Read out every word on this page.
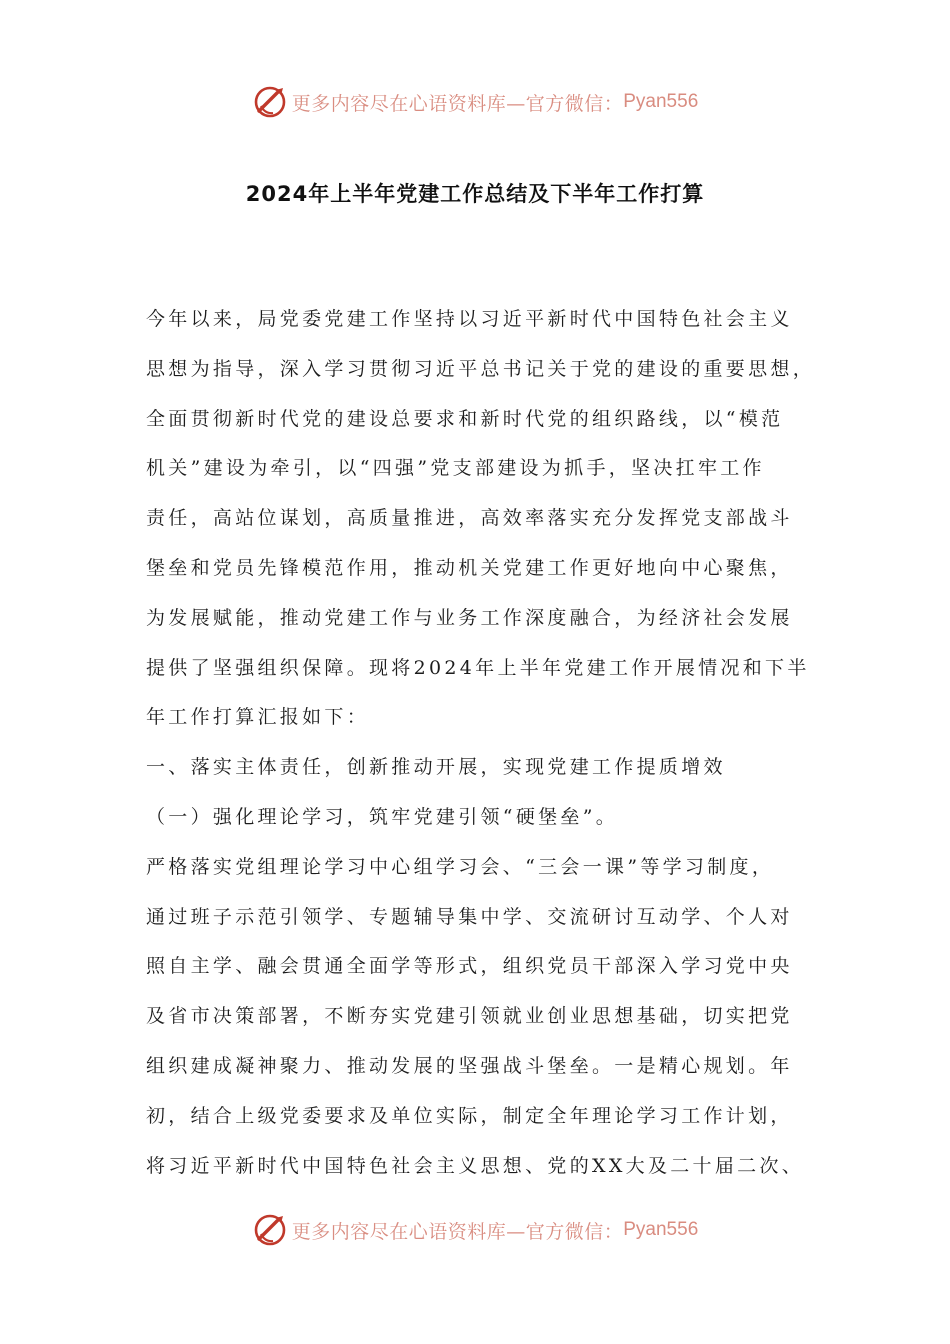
更多内容尽在心语资料库—官方微信： Pyan556
2024年上半年党建工作总结及下半年工作打算
今年以来，局党委党建工作坚持以习近平新时代中国特色社会主义
思想为指导，深入学习贯彻习近平总书记关于党的建设的重要思想，
全面贯彻新时代党的建设总要求和新时代党的组织路线，以“模范
机关”建设为牵引，以“四强”党支部建设为抓手，坚决扛牢工作
责任，高站位谋划，高质量推进，高效率落实充分发挥党支部战斗
堡垒和党员先锋模范作用，推动机关党建工作更好地向中心聚焦，
为发展赋能，推动党建工作与业务工作深度融合，为经济社会发展
提供了坚强组织保障。现将2024年上半年党建工作开展情况和下半
年工作打算汇报如下：
一、落实主体责任，创新推动开展，实现党建工作提质增效
（一）强化理论学习，筑牢党建引领“硬堡垒”。
严格落实党组理论学习中心组学习会、“三会一课”等学习制度，
通过班子示范引领学、专题辅导集中学、交流研讨互动学、个人对
照自主学、融会贯通全面学等形式，组织党员干部深入学习党中央
及省市决策部署，不断夯实党建引领就业创业思想基础，切实把党
组织建成凝神聚力、推动发展的坚强战斗堡垒。一是精心规划。年
初，结合上级党委要求及单位实际，制定全年理论学习工作计划，
将习近平新时代中国特色社会主义思想、党的XX大及二十届二次、
更多内容尽在心语资料库—官方微信： Pyan556
